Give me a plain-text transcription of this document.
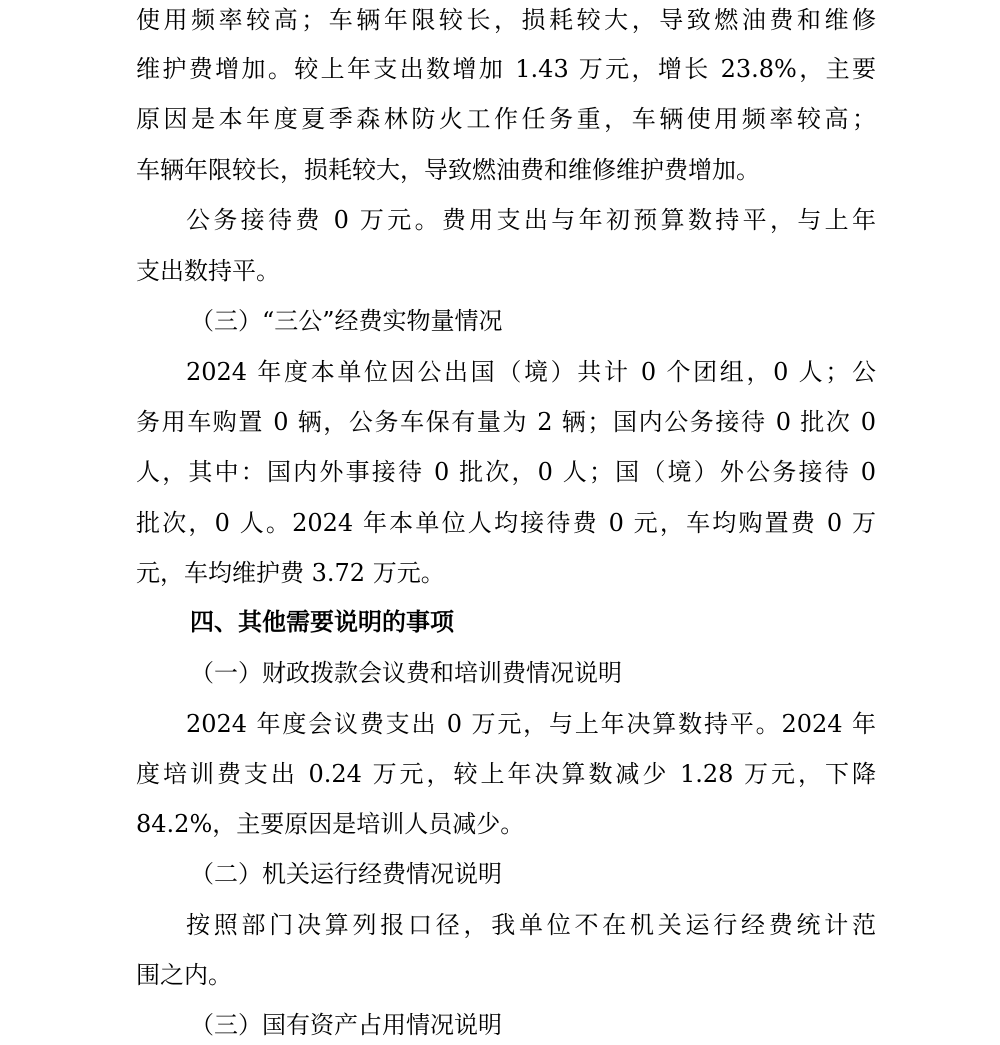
使用频率较高；车辆年限较长，损耗较大，导致燃油费和维修
维护费增加。较上年支出数增加 1.43 万元，增长 23.8%，主要
原因是本年度夏季森林防火工作任务重，车辆使用频率较高；
车辆年限较长，损耗较大，导致燃油费和维修维护费增加。
公务接待费 0 万元。费用支出与年初预算数持平，与上年
支出数持平。
（三）“三公”经费实物量情况
2024 年度本单位因公出国（境）共计 0 个团组，0 人；公
务用车购置 0 辆，公务车保有量为 2 辆；国内公务接待 0 批次 0
人，其中：国内外事接待 0 批次，0 人；国（境）外公务接待 0
批次，0 人。2024 年本单位人均接待费 0 元，车均购置费 0 万
元，车均维护费 3.72 万元。
四、其他需要说明的事项
（一）财政拨款会议费和培训费情况说明
2024 年度会议费支出 0 万元，与上年决算数持平。2024 年
度培训费支出 0.24 万元，较上年决算数减少 1.28 万元，下降
84.2%，主要原因是培训人员减少。
（二）机关运行经费情况说明
按照部门决算列报口径，我单位不在机关运行经费统计范
围之内。
（三）国有资产占用情况说明
